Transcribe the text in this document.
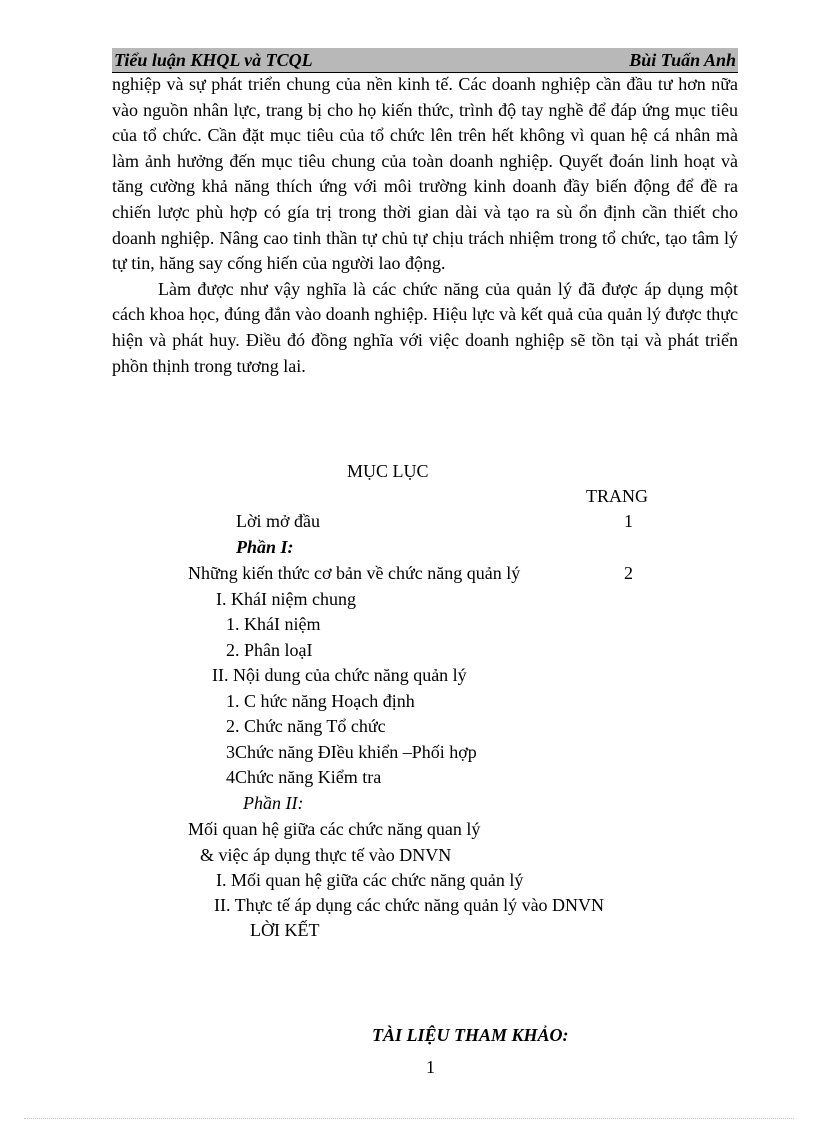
Tiểu luận KHQL và TCQL	Bùi Tuấn Anh

nghiệp và sự phát triển chung của nền kinh tế. Các doanh nghiệp cần đầu tư hơn nữa vào nguồn nhân lực, trang bị cho họ kiến thức, trình độ tay nghề để đáp ứng mục tiêu của tổ chức. Cần đặt mục tiêu của tổ chức lên trên hết không vì quan hệ cá nhân mà làm ảnh hưởng đến mục tiêu chung của toàn doanh nghiệp. Quyết đoán linh hoạt và tăng cường khả năng thích ứng với môi trường kinh doanh đầy biến động để đề ra chiến lược phù hợp có gía trị trong thời gian dài và tạo ra sù ổn định cần thiết cho doanh nghiệp. Nâng cao tinh thần tự chủ tự chịu trách nhiệm trong tổ chức, tạo tâm lý tự tin, hăng say cống hiến của người lao động.

Làm được như vậy nghĩa là các chức năng của quản lý đã được áp dụng một cách khoa học, đúng đắn vào doanh nghiệp. Hiệu lực và kết quả của quản lý được thực hiện và phát huy. Điều đó đồng nghĩa với việc doanh nghiệp sẽ tồn tại và phát triển phồn thịnh trong tương lai.

MỤC LỤC
TRANG
Lời mở đầu	1
Phần I:
Những kiến thức cơ bản về chức năng quản lý	2
I. KháI niệm chung
1. KháI niệm
2. Phân loạI
II. Nội dung của chức năng quản lý
1. C hức năng Hoạch định
2. Chức năng Tổ chức
3Chức năng ĐIều khiển –Phối hợp
4Chức năng Kiểm tra
Phần II:
Mối quan hệ giữa các chức năng quan lý
& việc áp dụng thực tế vào DNVN
I. Mối quan hệ giữa các chức năng quản lý
II. Thực tế áp dụng các chức năng quản lý vào DNVN
LỜI KẾT
TÀI LIỆU THAM KHẢO:
1
